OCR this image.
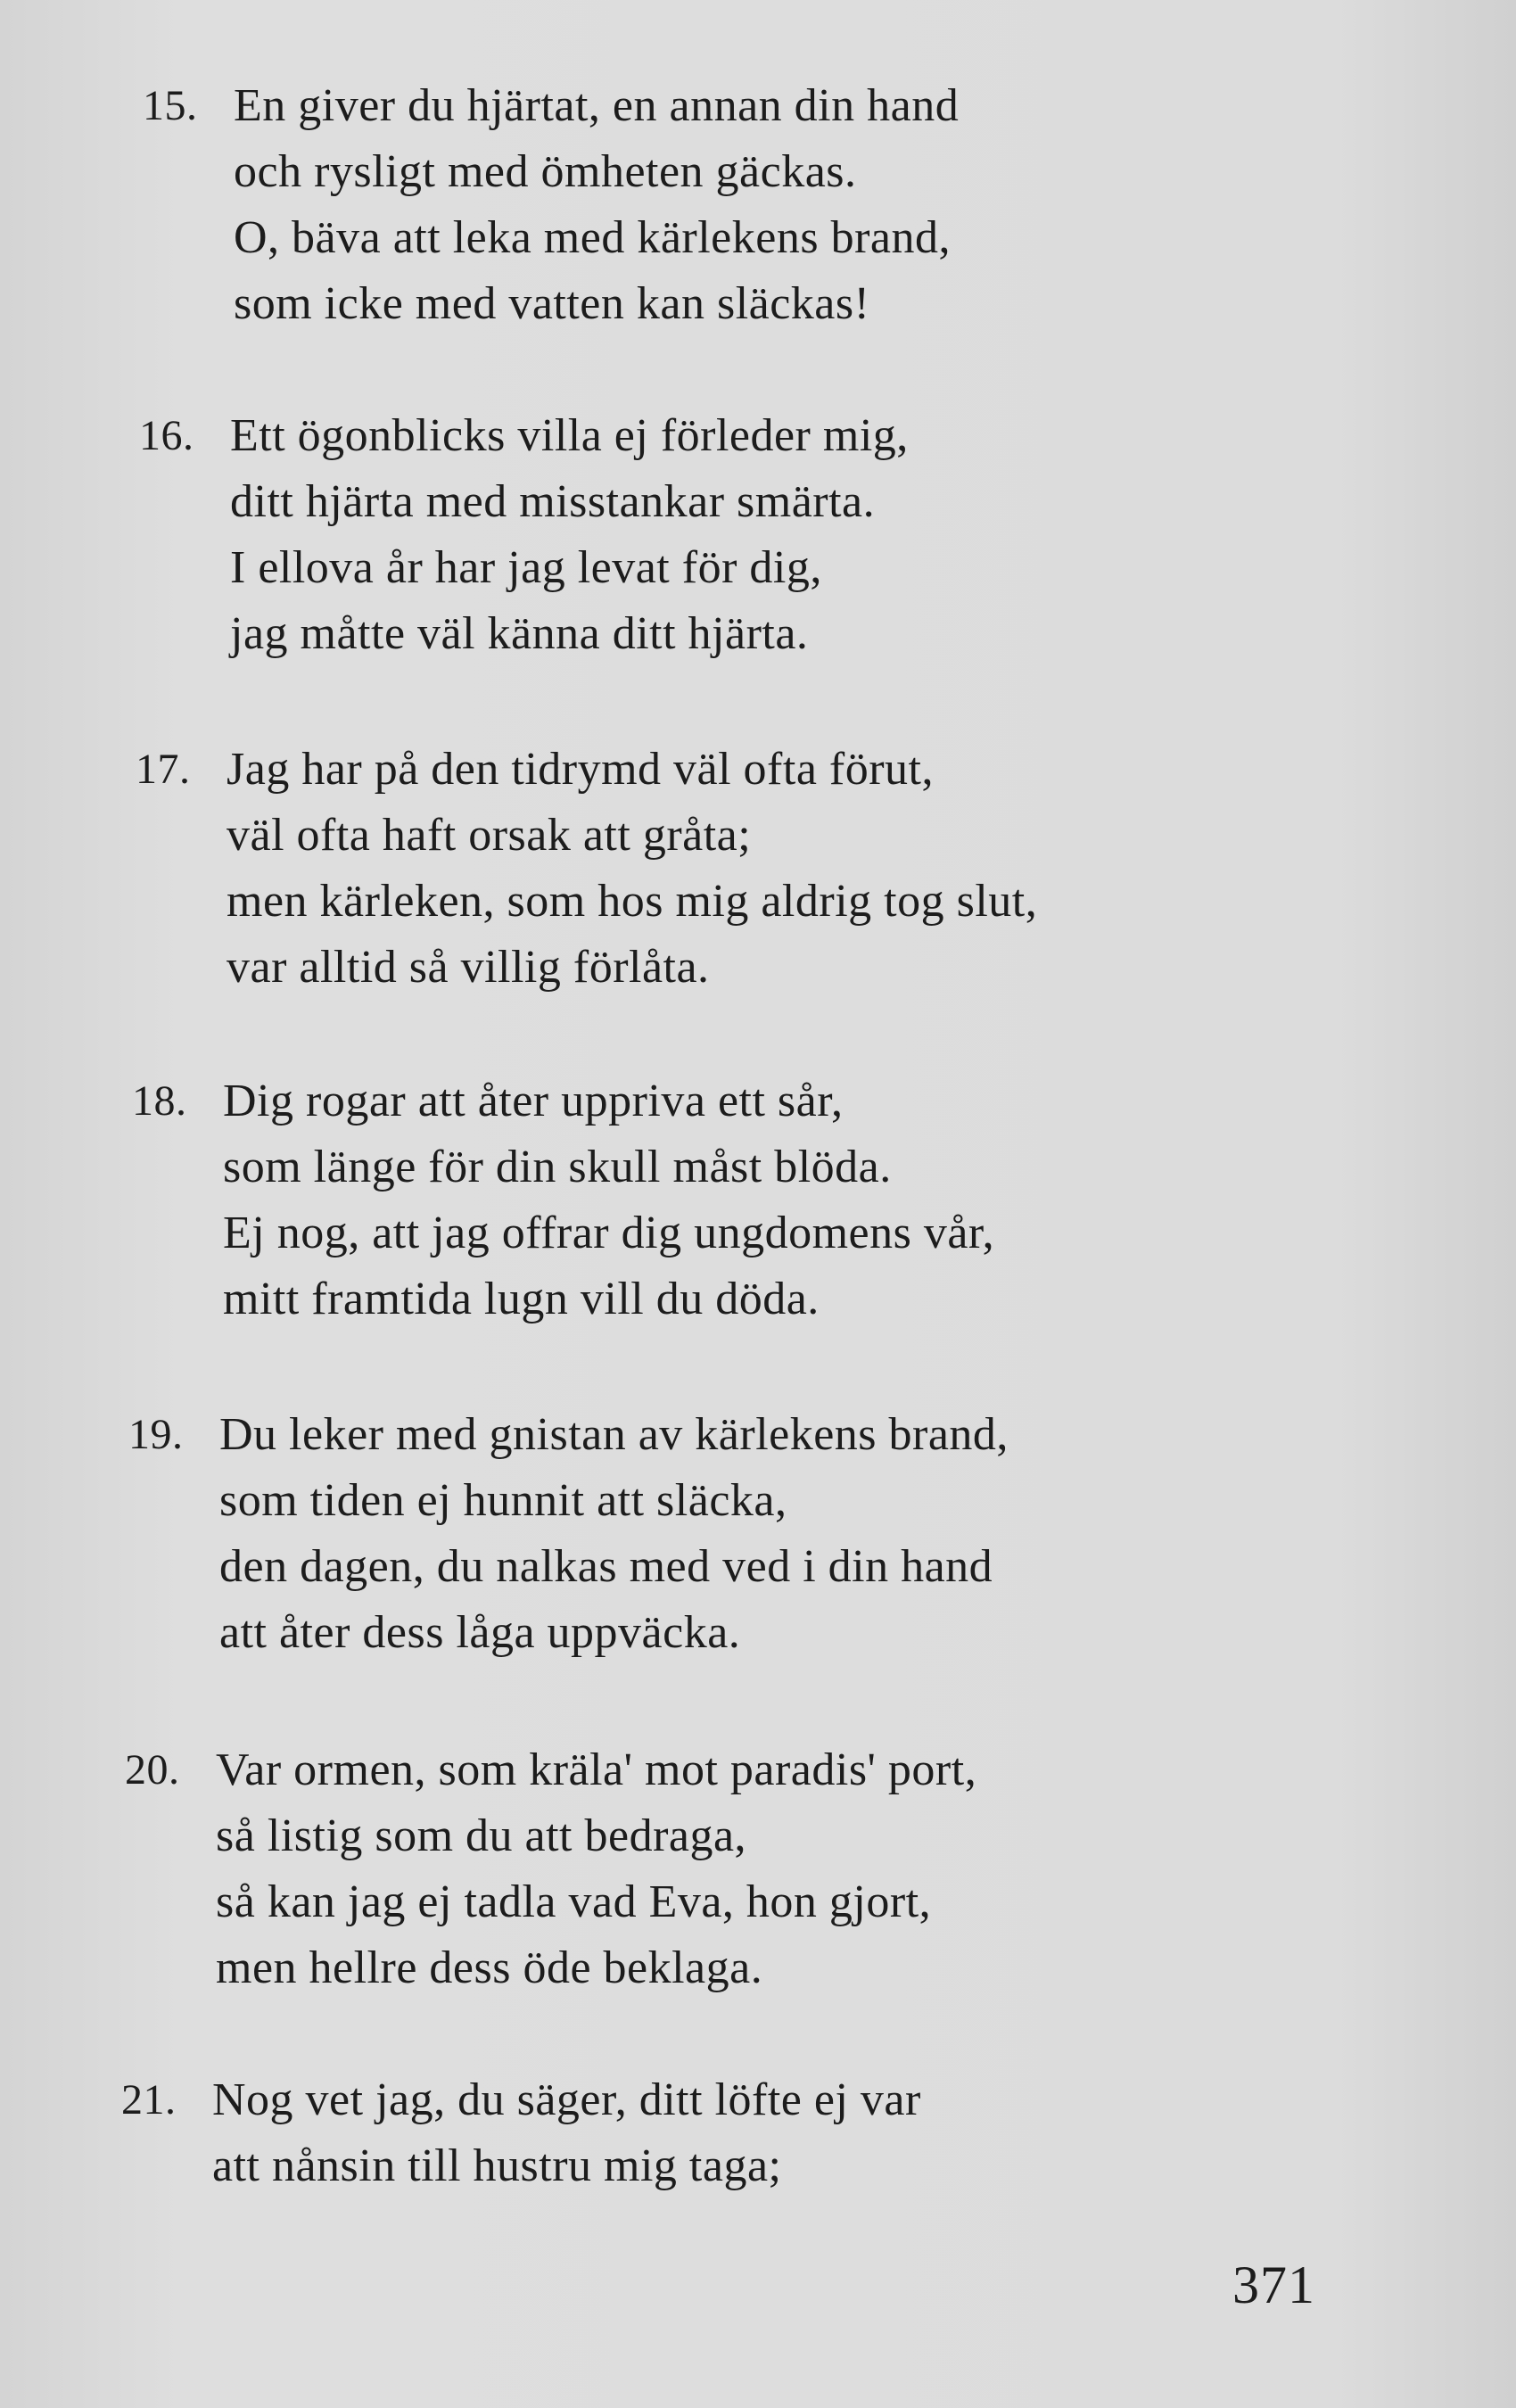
15. En giver du hjärtat, en annan din hand
och rysligt med ömheten gäckas.
O, bäva att leka med kärlekens brand,
som icke med vatten kan släckas!
16. Ett ögonblicks villa ej förleder mig,
ditt hjärta med misstankar smärta.
I ellova år har jag levat för dig,
jag måtte väl känna ditt hjärta.
17. Jag har på den tidrymd väl ofta förut,
väl ofta haft orsak att gråta;
men kärleken, som hos mig aldrig tog slut,
var alltid så villig förlåta.
18. Dig rogar att åter uppriva ett sår,
som länge för din skull måst blöda.
Ej nog, att jag offrar dig ungdomens vår,
mitt framtida lugn vill du döda.
19. Du leker med gnistan av kärlekens brand,
som tiden ej hunnit att släcka,
den dagen, du nalkas med ved i din hand
att åter dess låga uppväcka.
20. Var ormen, som kräla' mot paradis' port,
så listig som du att bedraga,
så kan jag ej tadla vad Eva, hon gjort,
men hellre dess öde beklaga.
21. Nog vet jag, du säger, ditt löfte ej var
att nånsin till hustru mig taga;
371
